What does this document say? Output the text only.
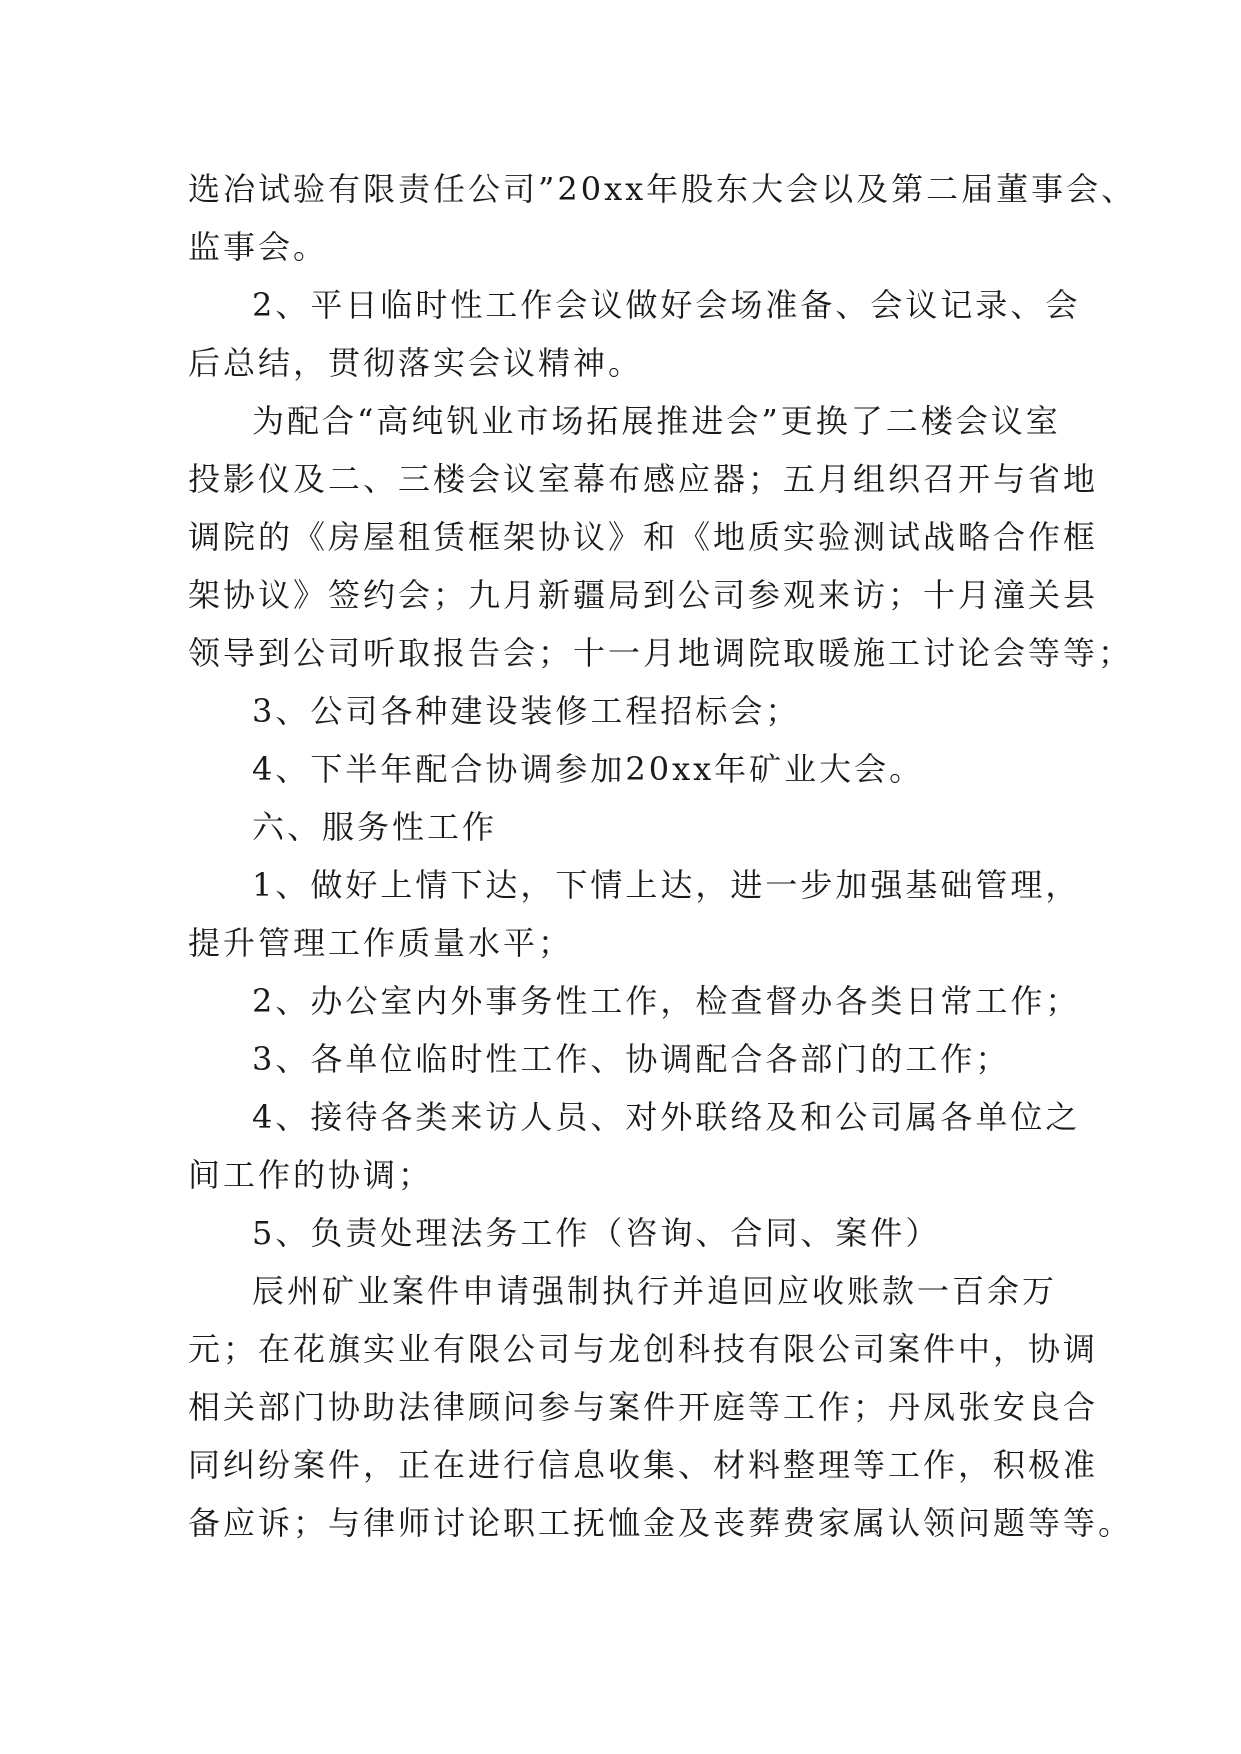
选冶试验有限责任公司”20xx年股东大会以及第二届董事会、
监事会。
2、平日临时性工作会议做好会场准备、会议记录、会
后总结，贯彻落实会议精神。
为配合“高纯钒业市场拓展推进会”更换了二楼会议室
投影仪及二、三楼会议室幕布感应器；五月组织召开与省地
调院的《房屋租赁框架协议》和《地质实验测试战略合作框
架协议》签约会；九月新疆局到公司参观来访；十月潼关县
领导到公司听取报告会；十一月地调院取暖施工讨论会等等；
3、公司各种建设装修工程招标会；
4、下半年配合协调参加20xx年矿业大会。
六、服务性工作
1、做好上情下达，下情上达，进一步加强基础管理，
提升管理工作质量水平；
2、办公室内外事务性工作，检查督办各类日常工作；
3、各单位临时性工作、协调配合各部门的工作；
4、接待各类来访人员、对外联络及和公司属各单位之
间工作的协调；
5、负责处理法务工作（咨询、合同、案件）
辰州矿业案件申请强制执行并追回应收账款一百余万
元；在花旗实业有限公司与龙创科技有限公司案件中，协调
相关部门协助法律顾问参与案件开庭等工作；丹凤张安良合
同纠纷案件，正在进行信息收集、材料整理等工作，积极准
备应诉；与律师讨论职工抚恤金及丧葬费家属认领问题等等。
